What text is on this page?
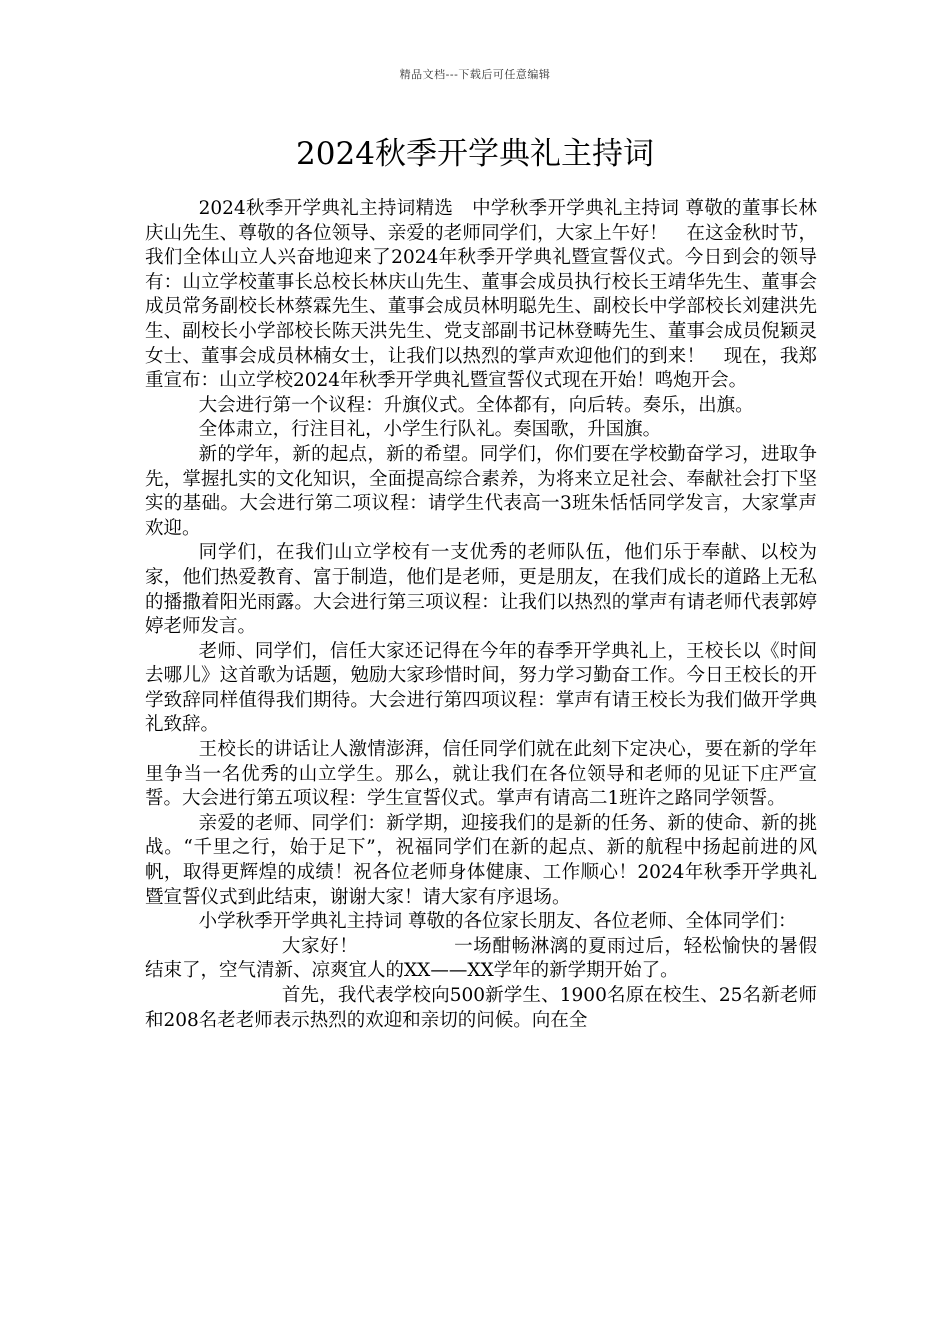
精品文档---下载后可任意编辑
2024秋季开学典礼主持词

2024秋季开学典礼主持词精选　中学秋季开学典礼主持词 尊敬的董事长林庆山先生、尊敬的各位领导、亲爱的老师同学们，大家上午好！　在这金秋时节，我们全体山立人兴奋地迎来了2024年秋季开学典礼暨宣誓仪式。今日到会的领导有：山立学校董事长总校长林庆山先生、董事会成员执行校长王靖华先生、董事会成员常务副校长林蔡霖先生、董事会成员林明聪先生、副校长中学部校长刘建洪先生、副校长小学部校长陈天洪先生、党支部副书记林登畴先生、董事会成员倪颖灵女士、董事会成员林楠女士，让我们以热烈的掌声欢迎他们的到来！　现在，我郑重宣布：山立学校2024年秋季开学典礼暨宣誓仪式现在开始！鸣炮开会。

大会进行第一个议程：升旗仪式。全体都有，向后转。奏乐，出旗。

全体肃立，行注目礼，小学生行队礼。奏国歌，升国旗。

新的学年，新的起点，新的希望。同学们，你们要在学校勤奋学习，进取争先，掌握扎实的文化知识，全面提高综合素养，为将来立足社会、奉献社会打下坚实的基础。大会进行第二项议程：请学生代表高一3班朱恬恬同学发言，大家掌声欢迎。

同学们，在我们山立学校有一支优秀的老师队伍，他们乐于奉献、以校为家，他们热爱教育、富于制造，他们是老师，更是朋友，在我们成长的道路上无私的播撒着阳光雨露。大会进行第三项议程：让我们以热烈的掌声有请老师代表郭婷婷老师发言。

老师、同学们，信任大家还记得在今年的春季开学典礼上，王校长以《时间去哪儿》这首歌为话题，勉励大家珍惜时间，努力学习勤奋工作。今日王校长的开学致辞同样值得我们期待。大会进行第四项议程：掌声有请王校长为我们做开学典礼致辞。

王校长的讲话让人激情澎湃，信任同学们就在此刻下定决心，要在新的学年里争当一名优秀的山立学生。那么，就让我们在各位领导和老师的见证下庄严宣誓。大会进行第五项议程：学生宣誓仪式。掌声有请高二1班许之路同学领誓。

亲爱的老师、同学们：新学期，迎接我们的是新的任务、新的使命、新的挑战。“千里之行，始于足下”，祝福同学们在新的起点、新的航程中扬起前进的风帆，取得更辉煌的成绩！祝各位老师身体健康、工作顺心！2024年秋季开学典礼暨宣誓仪式到此结束，谢谢大家！请大家有序退场。

小学秋季开学典礼主持词 尊敬的各位家长朋友、各位老师、全体同学们：

大家好！　　　　　一场酣畅淋漓的夏雨过后，轻松愉快的暑假结束了，空气清新、凉爽宜人的XX——XX学年的新学期开始了。

首先，我代表学校向500新学生、1900名原在校生、25名新老师和208名老老师表示热烈的欢迎和亲切的问候。向在全
